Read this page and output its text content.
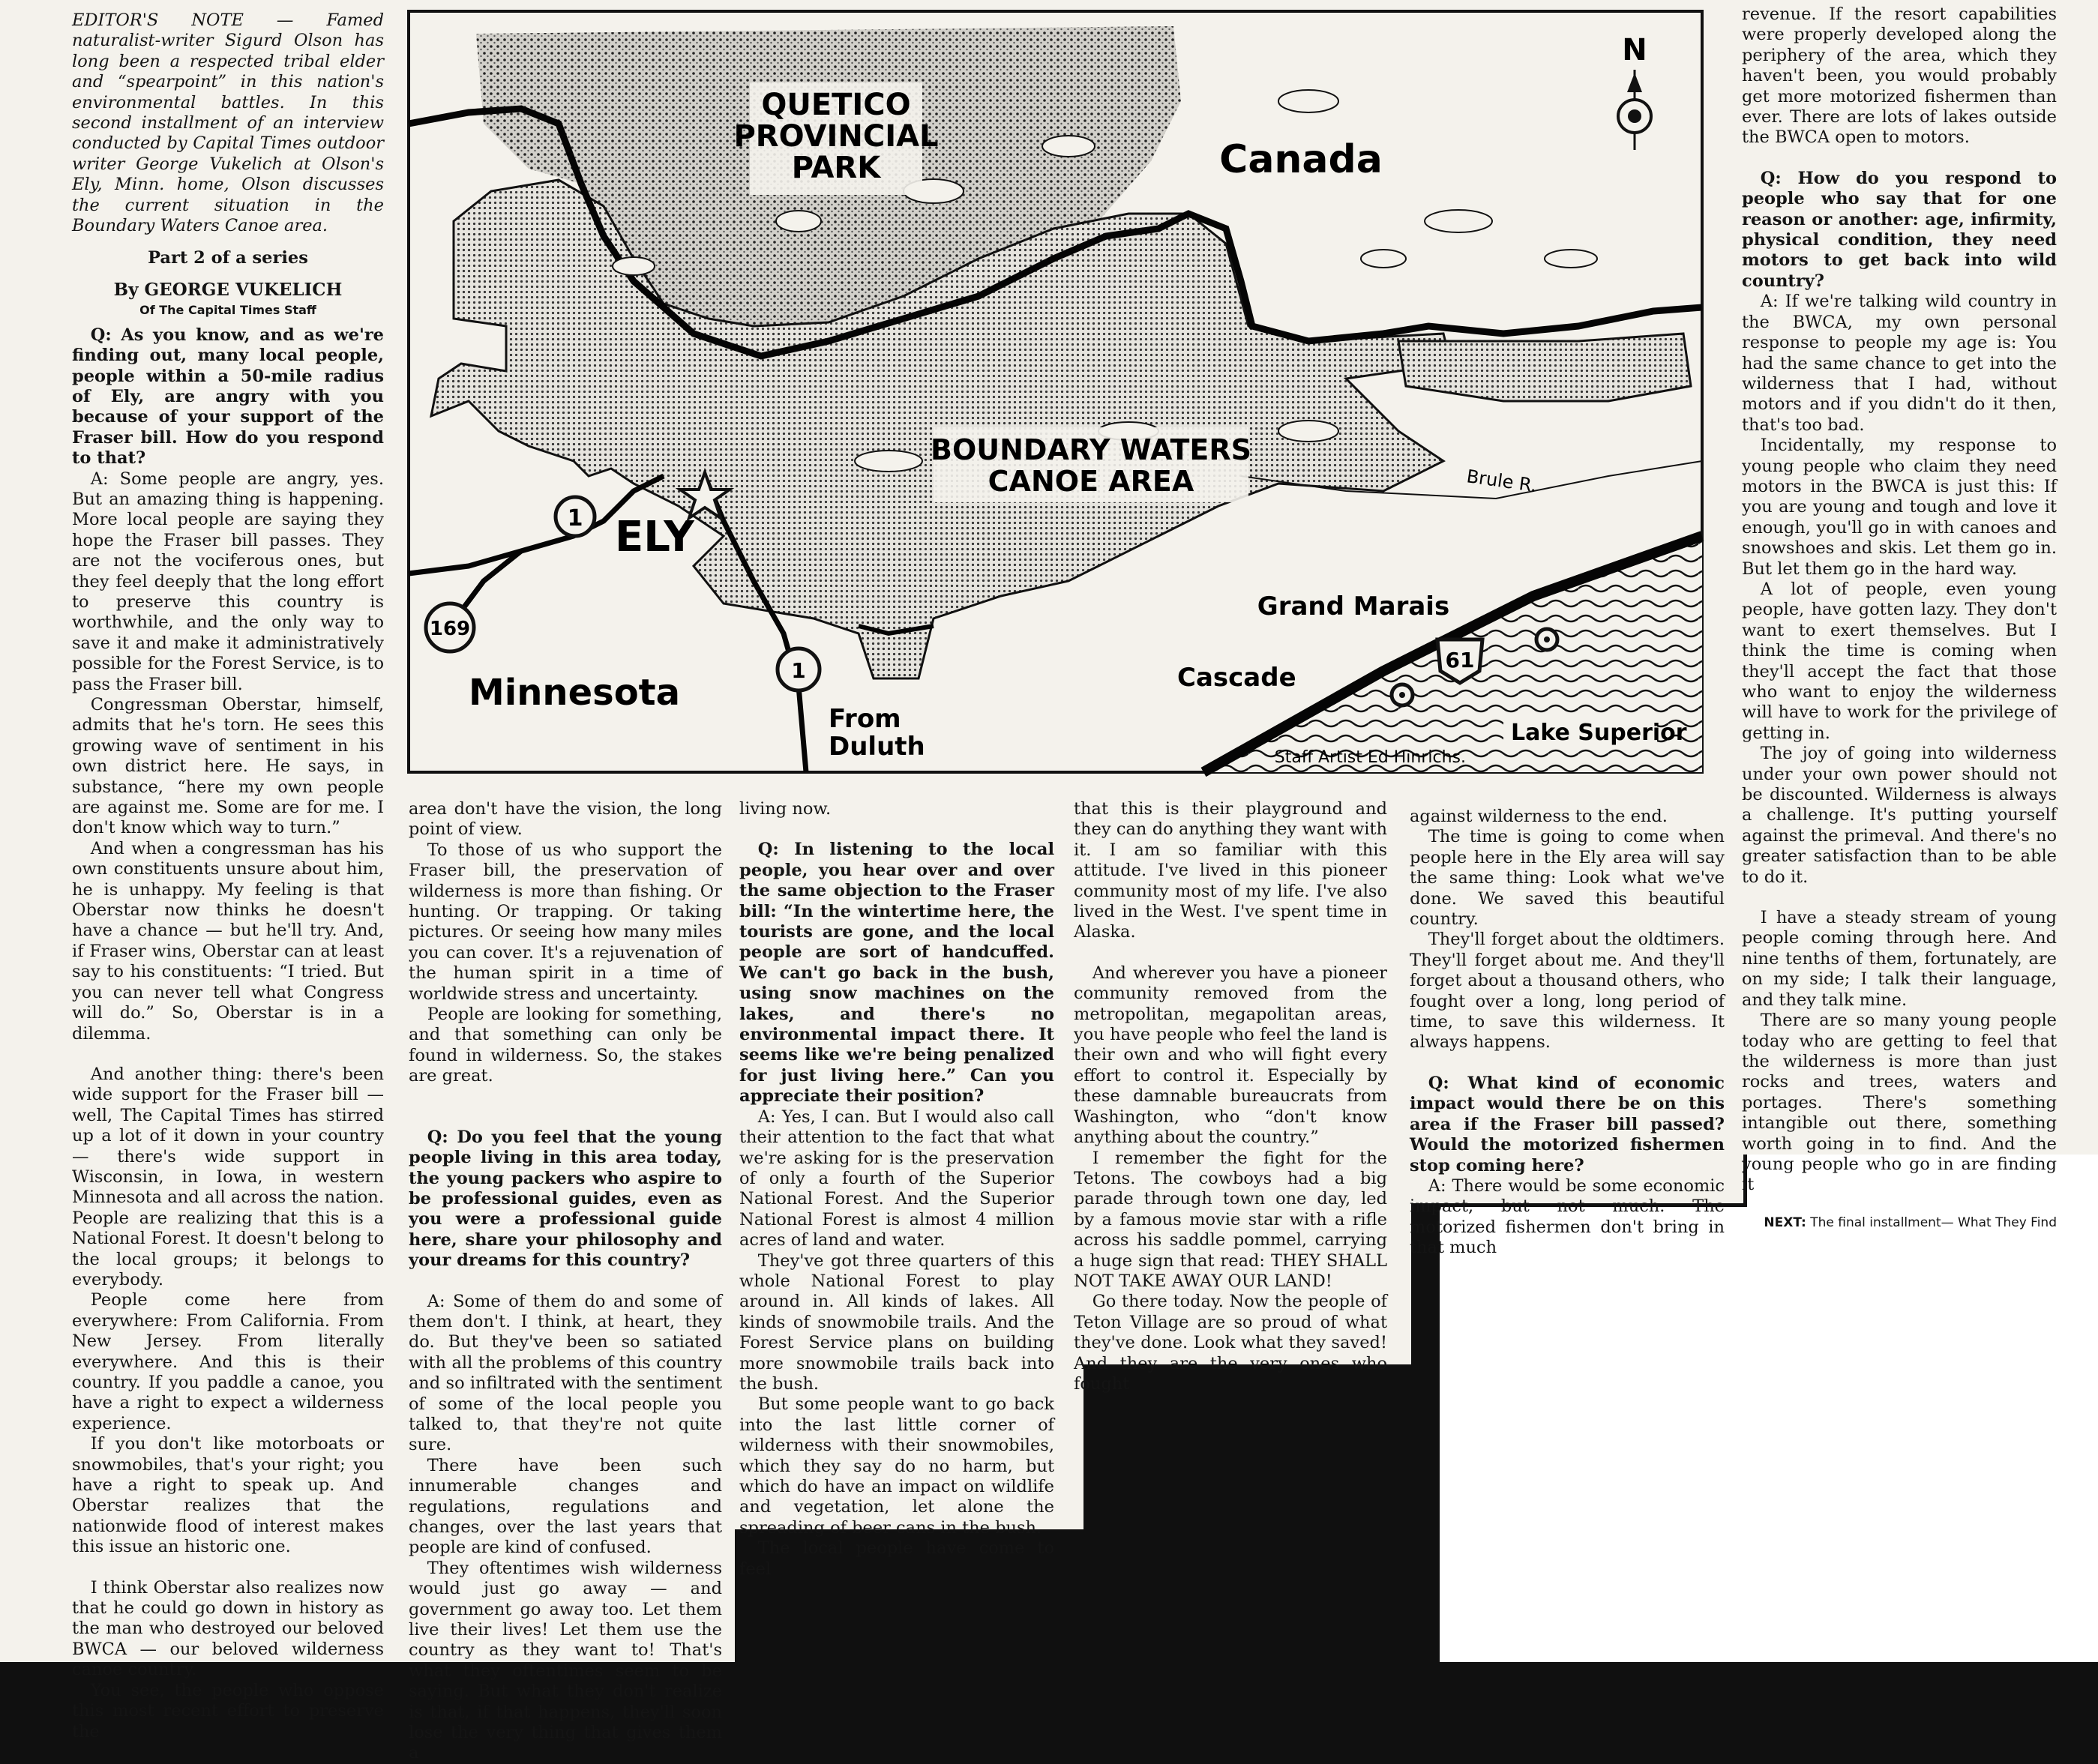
EDITOR'S NOTE — Famed naturalist-writer Sigurd Olson has long been a respected tribal elder and “spearpoint” in this nation's environmental battles. In this second installment of an interview conducted by Capital Times outdoor writer George Vukelich at Olson's Ely, Minn. home, Olson discusses the current situation in the Boundary Waters Canoe area.

Part 2 of a series

By GEORGE VUKELICH

Of The Capital Times Staff

Q: As you know, and as we're finding out, many local people, people within a 50-mile radius of Ely, are angry with you because of your support of the Fraser bill. How do you respond to that?

A: Some people are angry, yes. But an amazing thing is happening. More local people are saying they hope the Fraser bill passes. They are not the vociferous ones, but they feel deeply that the long effort to preserve this country is worthwhile, and the only way to save it and make it administratively possible for the Forest Service, is to pass the Fraser bill.

Congressman Oberstar, himself, admits that he's torn. He sees this growing wave of sentiment in his own district here. He says, in substance, “here my own people are against me. Some are for me. I don't know which way to turn.”

And when a congressman has his own constituents unsure about him, he is unhappy. My feeling is that Oberstar now thinks he doesn't have a chance — but he'll try. And, if Fraser wins, Oberstar can at least say to his constituents: “I tried. But you can never tell what Congress will do.” So, Oberstar is in a dilemma.

And another thing: there's been wide support for the Fraser bill — well, The Capital Times has stirred up a lot of it down in your country — there's wide support in Wisconsin, in Iowa, in western Minnesota and all across the nation. People are realizing that this is a National Forest. It doesn't belong to the local groups; it belongs to everybody.

People come here from everywhere: From California. From New Jersey. From literally everywhere. And this is their country. If you paddle a canoe, you have a right to expect a wilderness experience.

If you don't like motorboats or snowmobiles, that's your right; you have a right to speak up. And Oberstar realizes that the nationwide flood of interest makes this issue an historic one.

I think Oberstar also realizes now that he could go down in history as the man who destroyed our beloved BWCA — our beloved wilderness canoe country.

You see, the people who oppose this most recent effort to preserve the

QUETICO
PROVINCIAL
PARK	Canada
BOUNDARY WATERS
CANOE AREA
ELY
Minnesota
From
Duluth
Grand Marais
Cascade
Lake Superior
Brule R.
Staff Artist Ed Hinrichs.
N
1
169
1	61

area don't have the vision, the long point of view.

To those of us who support the Fraser bill, the preservation of wilderness is more than fishing. Or hunting. Or trapping. Or taking pictures. Or seeing how many miles you can cover. It's a rejuvenation of the human spirit in a time of worldwide stress and uncertainty.

People are looking for something, and that something can only be found in wilderness. So, the stakes are great.

Q: Do you feel that the young people living in this area today, the young packers who aspire to be professional guides, even as you were a professional guide here, share your philosophy and your dreams for this country?

A: Some of them do and some of them don't. I think, at heart, they do. But they've been so satiated with all the problems of this country and so infiltrated with the sentiment of some of the local people you talked to, that they're not quite sure.

There have been such innumerable changes and regulations, regulations and changes, over the last years that people are kind of confused.

They oftentimes wish wilderness would just go away — and government go away too. Let them live their lives! Let them use the country as they want to! That's what they oftentimes seem to be saying. But what they don't realize is that, if that happens, they'll soon lose the very thing that gives them a

living now.

Q: In listening to the local people, you hear over and over the same objection to the Fraser bill: “In the wintertime here, the tourists are gone, and the local people are sort of handcuffed. We can't go back in the bush, using snow machines on the lakes, and there's no environmental impact there. It seems like we're being penalized for just living here.” Can you appreciate their position?

A: Yes, I can. But I would also call their attention to the fact that what we're asking for is the preservation of only a fourth of the Superior National Forest. And the Superior National Forest is almost 4 million acres of land and water.

They've got three quarters of this whole National Forest to play around in. All kinds of lakes. All kinds of snowmobile trails. And the Forest Service plans on building more snowmobile trails back into the bush.

But some people want to go back into the last little corner of wilderness with their snowmobiles, which they say do no harm, but which do have an impact on wildlife and vegetation, let alone the spreading of beer cans in the bush.

The local people have come to feel

that this is their playground and they can do anything they want with it. I am so familiar with this attitude. I've lived in this pioneer community most of my life. I've also lived in the West. I've spent time in Alaska.

And wherever you have a pioneer community removed from the metropolitan, megapolitan areas, you have people who feel the land is their own and who will fight every effort to control it. Especially by these damnable bureaucrats from Washington, who “don't know anything about the country.”

I remember the fight for the Tetons. The cowboys had a big parade through town one day, led by a famous movie star with a rifle across his saddle pommel, carrying a huge sign that read: THEY SHALL NOT TAKE AWAY OUR LAND!

Go there today. Now the people of Teton Village are so proud of what they've done. Look what they saved! And they are the very ones who fought

against wilderness to the end.

The time is going to come when people here in the Ely area will say the same thing: Look what we've done. We saved this beautiful country.

They'll forget about the oldtimers. They'll forget about me. And they'll forget about a thousand others, who fought over a long, long period of time, to save this wilderness. It always happens.

Q: What kind of economic impact would there be on this area if the Fraser bill passed? Would the motorized fishermen stop coming here?

A: There would be some economic impact, but not much. The motorized fishermen don't bring in that much

revenue. If the resort capabilities were properly developed along the periphery of the area, which they haven't been, you would probably get more motorized fishermen than ever. There are lots of lakes outside the BWCA open to motors.

Q: How do you respond to people who say that for one reason or another: age, infirmity, physical condition, they need motors to get back into wild country?

A: If we're talking wild country in the BWCA, my own personal response to people my age is: You had the same chance to get into the wilderness that I had, without motors and if you didn't do it then, that's too bad.

Incidentally, my response to young people who claim they need motors in the BWCA is just this: If you are young and tough and love it enough, you'll go in with canoes and snowshoes and skis. Let them go in. But let them go in the hard way.

A lot of people, even young people, have gotten lazy. They don't want to exert themselves. But I think the time is coming when they'll accept the fact that those who want to enjoy the wilderness will have to work for the privilege of getting in.

The joy of going into wilderness under your own power should not be discounted. Wilderness is always a challenge. It's putting yourself against the primeval. And there's no greater satisfaction than to be able to do it.

I have a steady stream of young people coming through here. And nine tenths of them, fortunately, are on my side; I talk their language, and they talk mine.

There are so many young people today who are getting to feel that the wilderness is more than just rocks and trees, waters and portages. There's something intangible out there, something worth going in to find. And the young people who go in are finding it

NEXT: The final installment— What They Find
